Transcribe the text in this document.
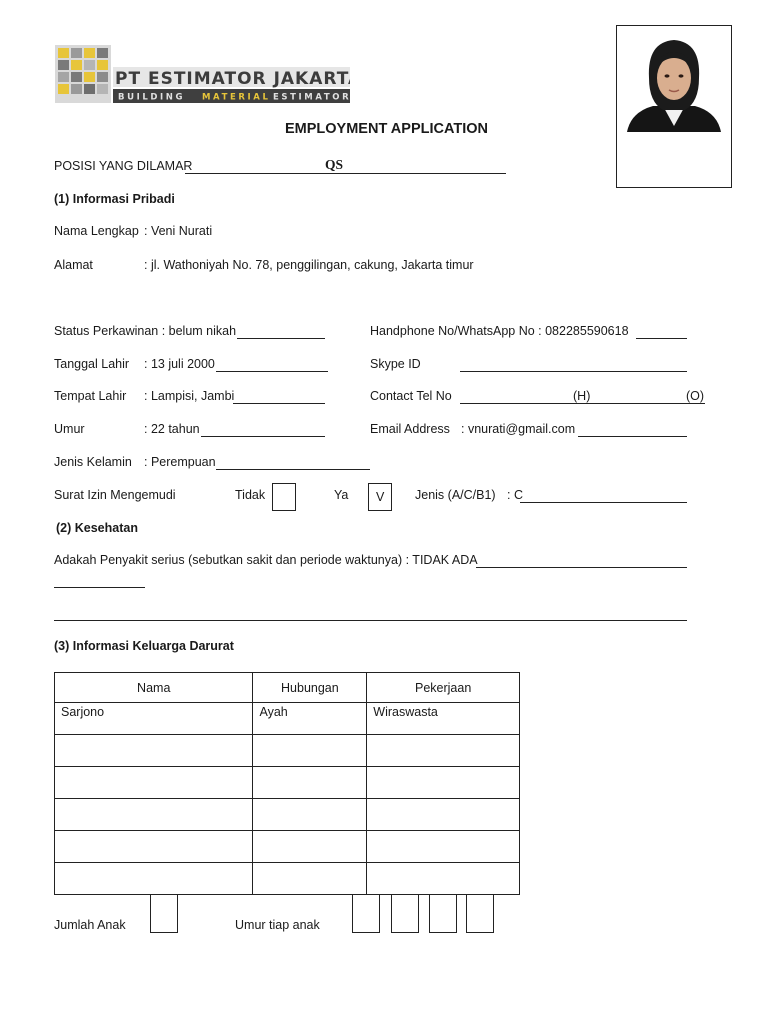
PT ESTIMATOR JAKARTA
BUILDING MATERIAL ESTIMATOR
EMPLOYMENT APPLICATION
POSISI YANG DILAMAR	QS
(1) Informasi Pribadi
Nama Lengkap : Veni Nurati
Alamat	: jl. Wathoniyah No. 78, penggilingan, cakung, Jakarta timur
Status Perkawinan : belum nikah	Handphone No/WhatsApp No : 082285590618
Tanggal Lahir : 13 juli 2000	Skype ID
Tempat Lahir : Lampisi, Jambi	Contact Tel No	(H)	(O)
Umur	: 22 tahun	Email Address : vnurati@gmail.com
Jenis Kelamin : Perempuan
Surat Izin Mengemudi	Tidak	Ya V Jenis (A/C/B1) : C
(2) Kesehatan
Adakah Penyakit serius (sebutkan sakit dan periode waktunya) : TIDAK ADA
(3) Informasi Keluarga Darurat
Nama	Hubungan	Pekerjaan
Sarjono	Ayah	Wiraswasta

Jumlah Anak	Umur tiap anak
